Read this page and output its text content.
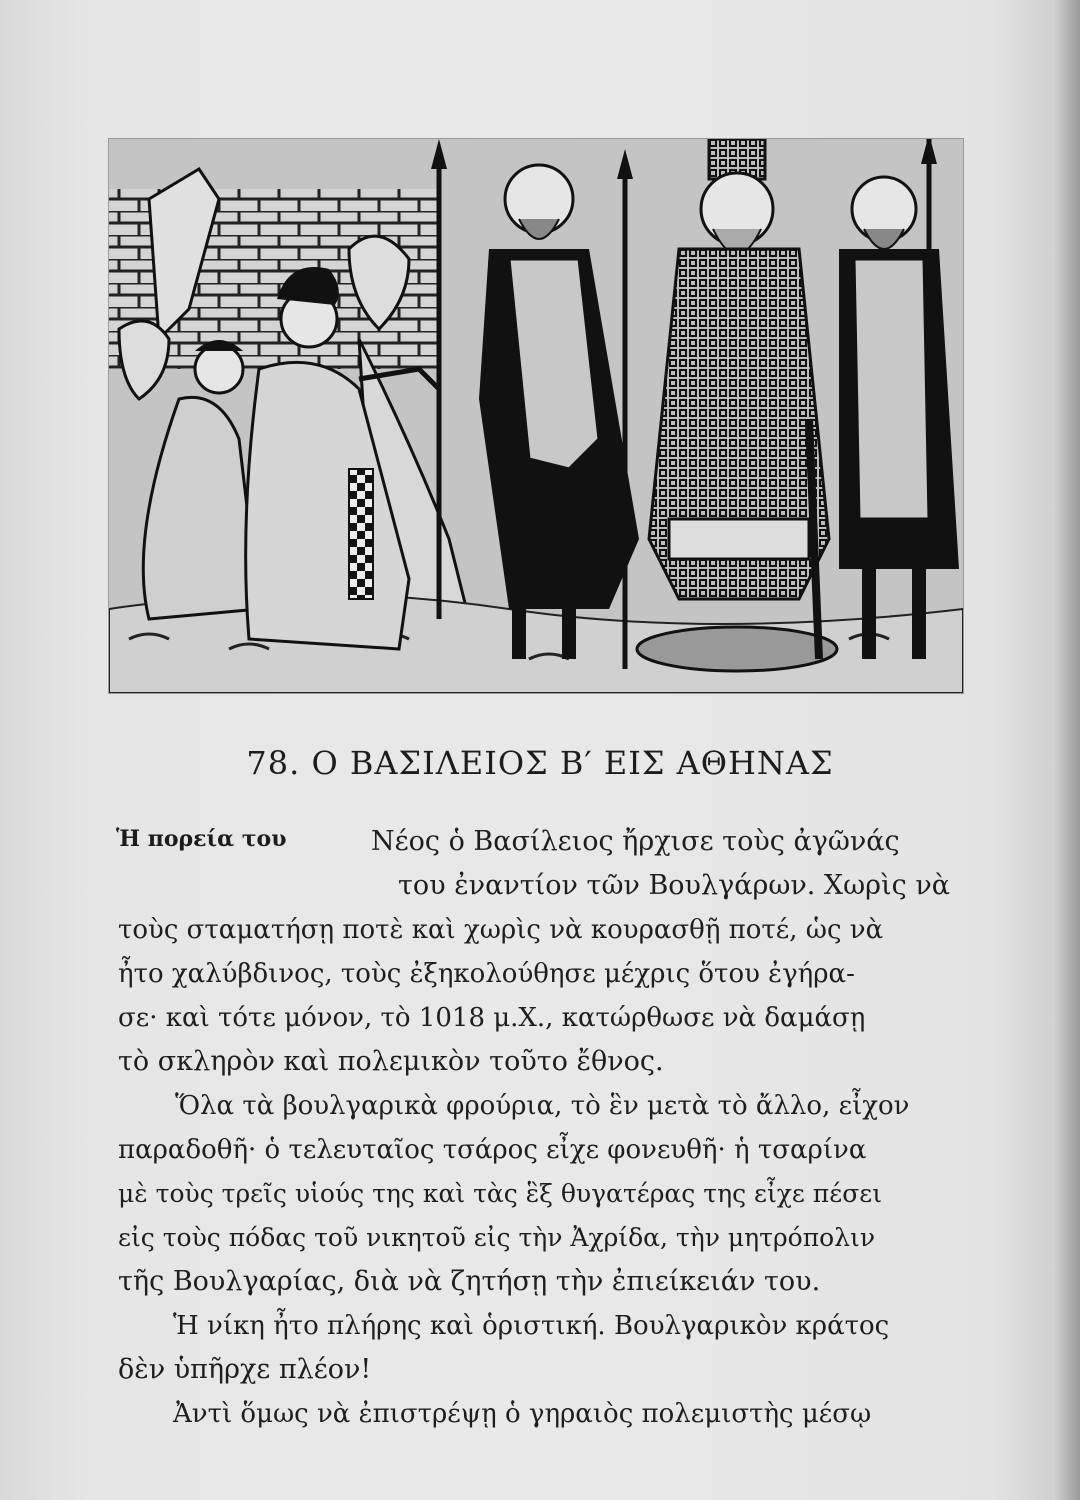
78. Ο ΒΑΣΙΛΕΙΟΣ Β′ ΕΙΣ ΑΘΗΝΑΣ
Ἡ πορεία του	Νέος ὁ Βασίλειος ἤρχισε τοὺς ἀγῶνάς
του ἐναντίον τῶν Βουλγάρων. Χωρὶς νὰ
τοὺς σταματήσῃ ποτὲ καὶ χωρὶς νὰ κουρασθῇ ποτέ, ὡς νὰ
ἦτο χαλύβδινος, τοὺς ἐξηκολούθησε μέχρις ὅτου ἐγήρα-
σε· καὶ τότε μόνον, τὸ 1018 μ.Χ., κατώρθωσε νὰ δαμάσῃ
τὸ σκληρὸν καὶ πολεμικὸν τοῦτο ἔθνος.
Ὅλα τὰ βουλγαρικὰ φρούρια, τὸ ἓν μετὰ τὸ ἄλλο, εἶχον
παραδοθῆ· ὁ τελευταῖος τσάρος εἶχε φονευθῆ· ἡ τσαρίνα
μὲ τοὺς τρεῖς υἱούς της καὶ τὰς ἓξ θυγατέρας της εἶχε πέσει
εἰς τοὺς πόδας τοῦ νικητοῦ εἰς τὴν Ἀχρίδα, τὴν μητρόπολιν
τῆς Βουλγαρίας, διὰ νὰ ζητήσῃ τὴν ἐπιείκειάν του.
Ἡ νίκη ἦτο πλήρης καὶ ὁριστική. Βουλγαρικὸν κράτος
δὲν ὑπῆρχε πλέον!
Ἀντὶ ὅμως νὰ ἐπιστρέψῃ ὁ γηραιὸς πολεμιστὴς μέσῳ
